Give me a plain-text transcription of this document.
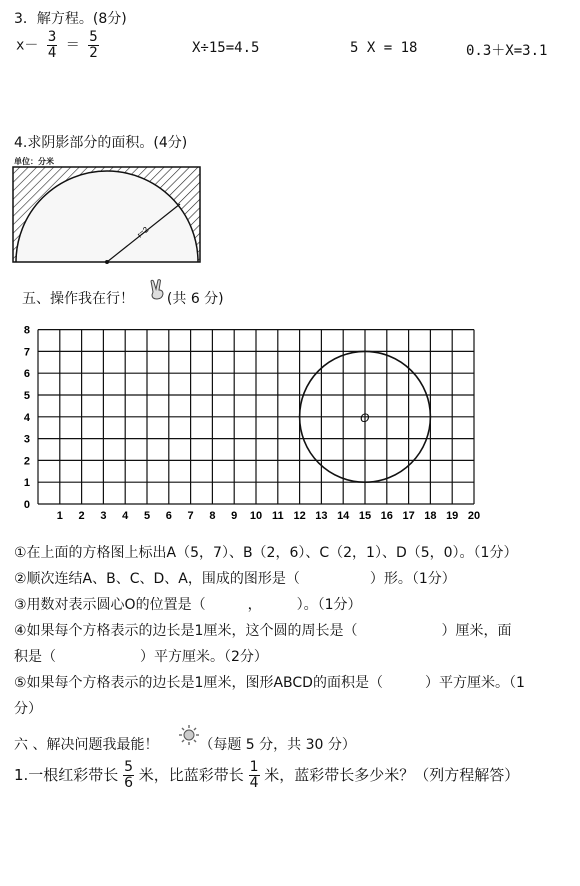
3．解方程。(8分)
$x- \frac{3}{4} = \frac{5}{2}$	X÷15=4.5	5 X = 18	0.3＋X=3.1
4.求阴影部分的面积。(4分)
单位：分米
r=2
五、操作我在行！ (共 6 分)
1 2 3 4 5 6 7 8 9 10 11 12 13 14 15 16 17 18 19 20
0
1
2
3
4
5
6
7
8
O
①在上面的方格图上标出A（5，7）、B（2，6）、C（2，1）、D（5，0）。（1分）
②顺次连结A、B、C、D、A，围成的图形是（　　　　　）形。（1分）
③用数对表示圆心O的位置是（　　　，　　　）。（1分）
④如果每个方格表示的边长是1厘米，这个圆的周长是（　　　　　　）厘米，面
积是（　　　　　　）平方厘米。（2分）
⑤如果每个方格表示的边长是1厘米，图形ABCD的面积是（　　　）平方厘米。（1
分）
六 、解决问题我最能！	（每题 5 分，共 30 分）
1.一根红彩带长 $\frac{5}{6}$ 米，比蓝彩带长 $\frac{1}{4}$ 米，蓝彩带长多少米？（列方程解答）
